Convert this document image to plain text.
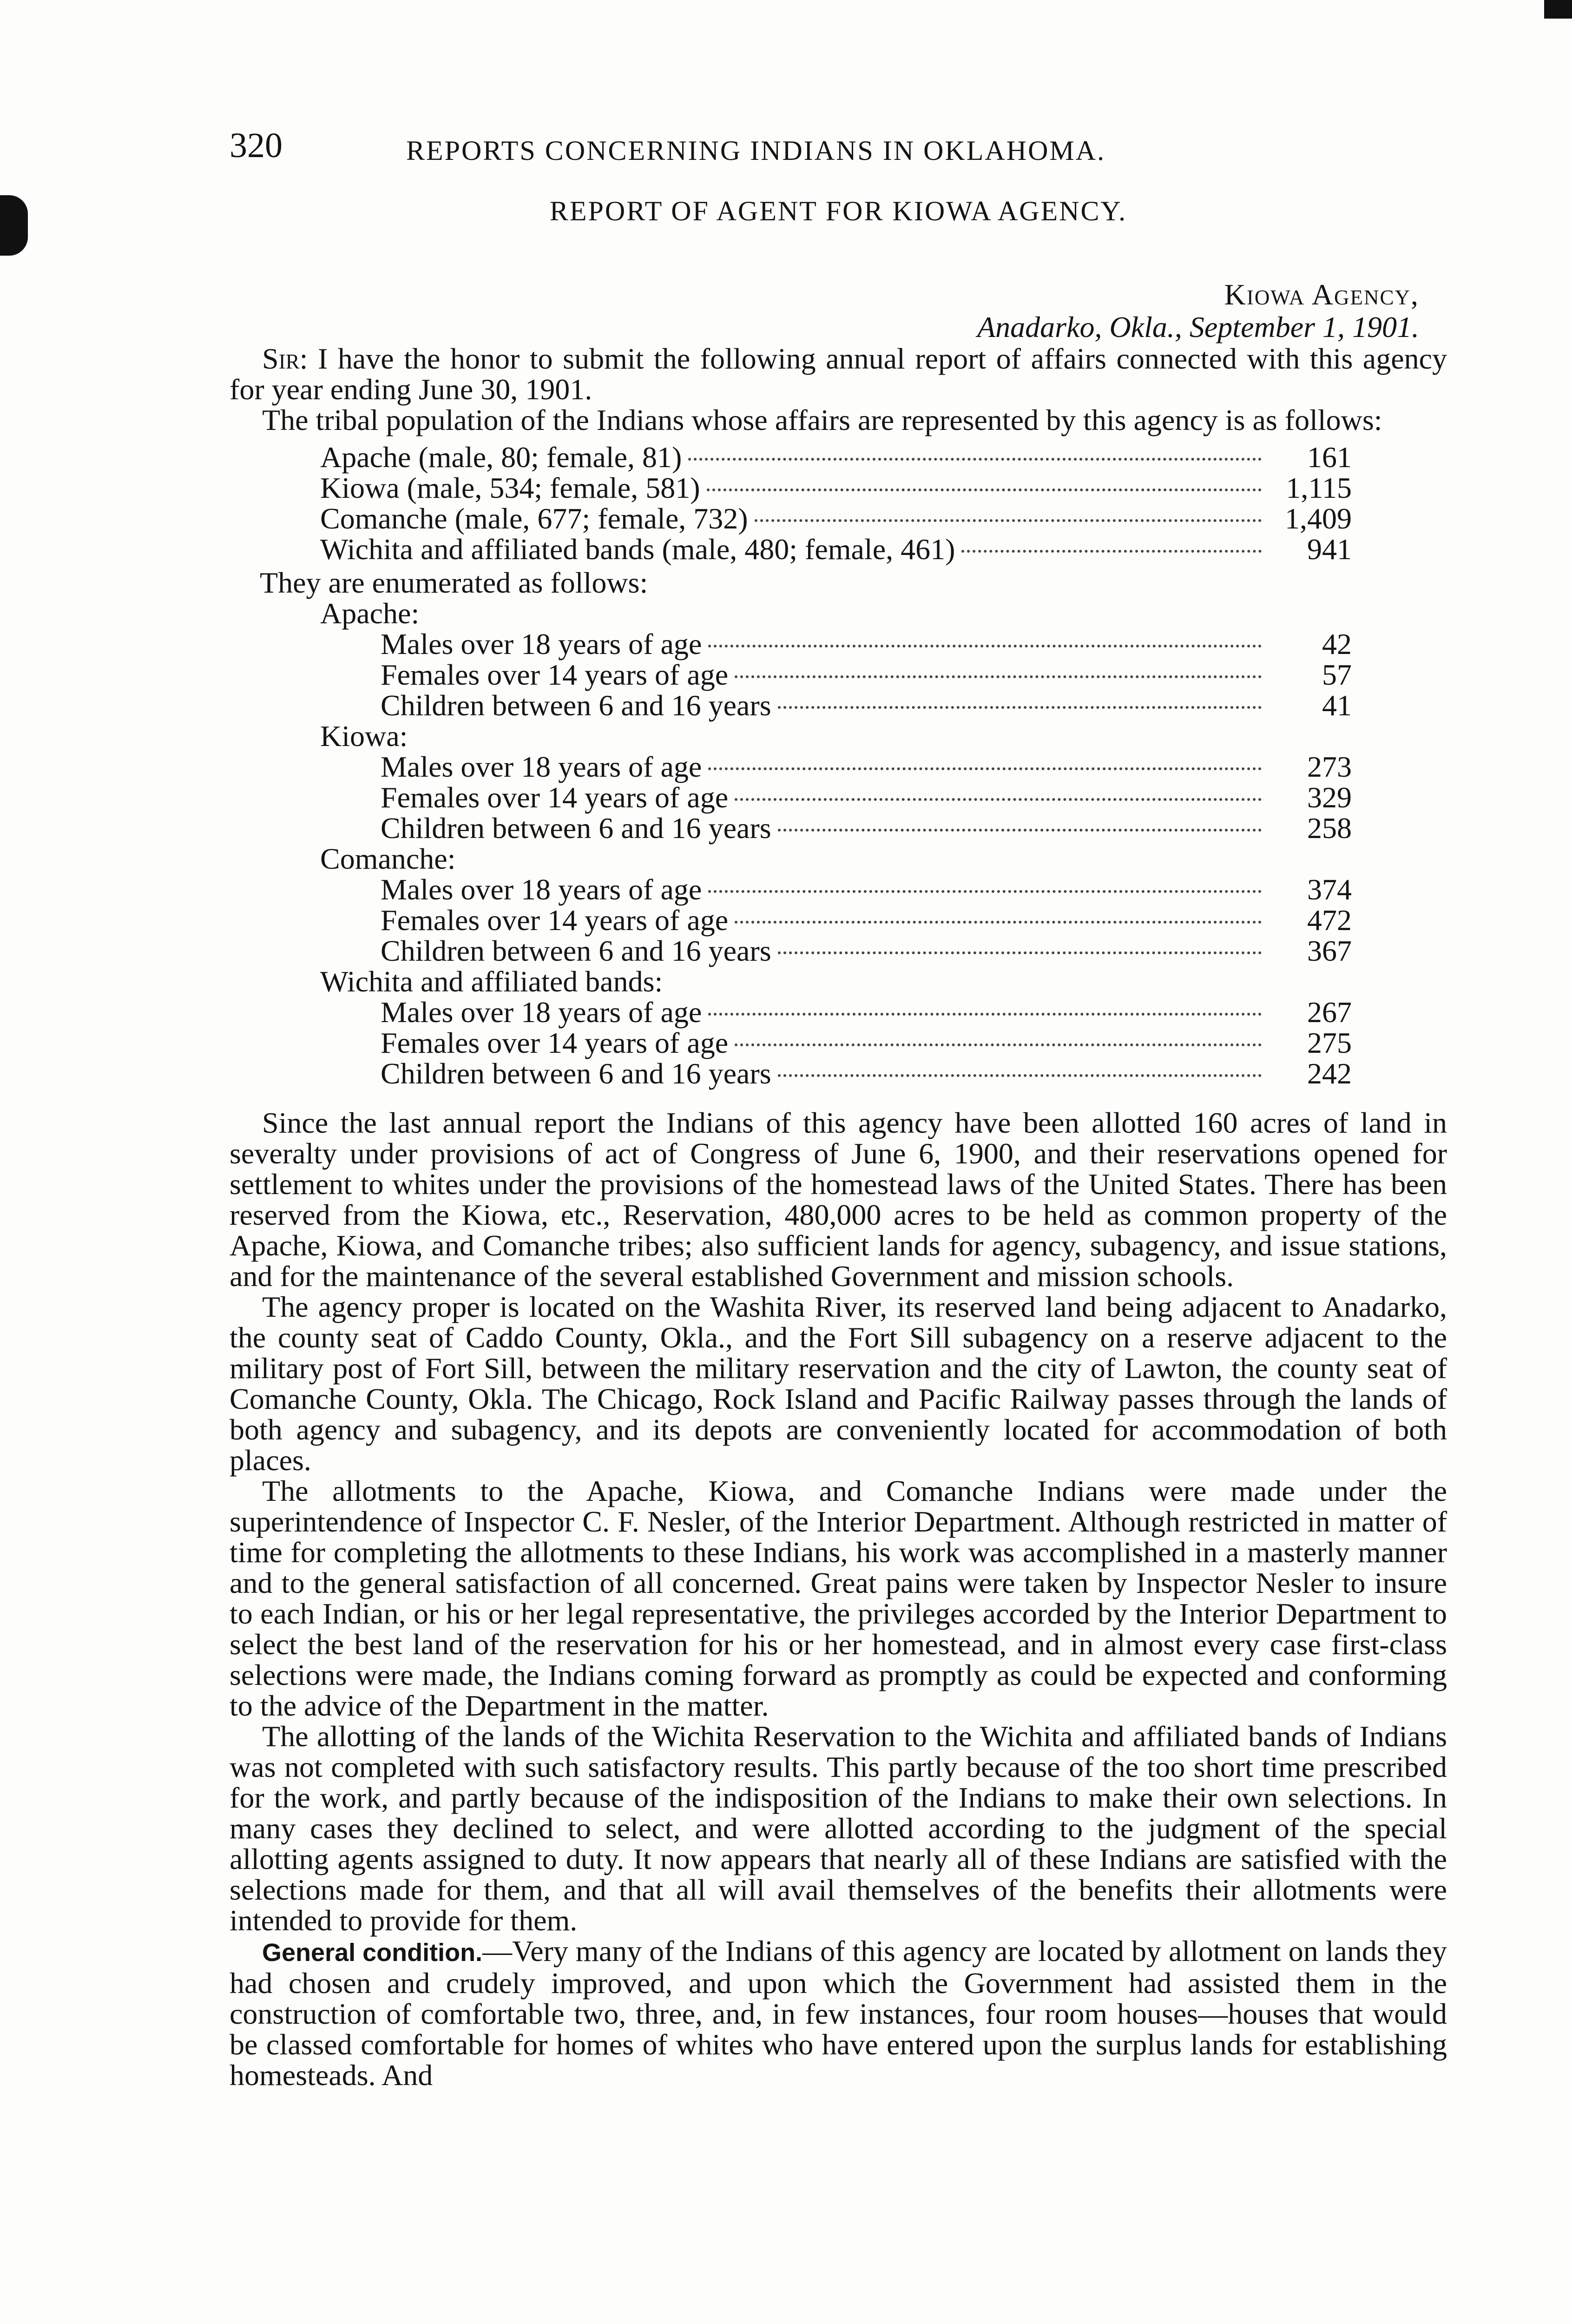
320	REPORTS CONCERNING INDIANS IN OKLAHOMA.
REPORT OF AGENT FOR KIOWA AGENCY.
Kiowa Agency,
Anadarko, Okla., September 1, 1901.

Sir: I have the honor to submit the following annual report of affairs connected with this agency for year ending June 30, 1901.

The tribal population of the Indians whose affairs are represented by this agency is as follows:

Apache (male, 80; female, 81)	161
Kiowa (male, 534; female, 581)	1,115
Comanche (male, 677; female, 732)	1,409
Wichita and affiliated bands (male, 480; female, 461)	941
They are enumerated as follows:
Apache:
Males over 18 years of age	42
Females over 14 years of age	57
Children between 6 and 16 years	41
Kiowa:
Males over 18 years of age	273
Females over 14 years of age	329
Children between 6 and 16 years	258
Comanche:
Males over 18 years of age	374
Females over 14 years of age	472
Children between 6 and 16 years	367
Wichita and affiliated bands:
Males over 18 years of age	267
Females over 14 years of age	275
Children between 6 and 16 years	242

Since the last annual report the Indians of this agency have been allotted 160 acres of land in severalty under provisions of act of Congress of June 6, 1900, and their reservations opened for settlement to whites under the provisions of the homestead laws of the United States. There has been reserved from the Kiowa, etc., Reservation, 480,000 acres to be held as common property of the Apache, Kiowa, and Comanche tribes; also sufficient lands for agency, subagency, and issue stations, and for the maintenance of the several established Government and mission schools.

The agency proper is located on the Washita River, its reserved land being adjacent to Anadarko, the county seat of Caddo County, Okla., and the Fort Sill subagency on a reserve adjacent to the military post of Fort Sill, between the military reservation and the city of Lawton, the county seat of Comanche County, Okla. The Chicago, Rock Island and Pacific Railway passes through the lands of both agency and subagency, and its depots are conveniently located for accommodation of both places.

The allotments to the Apache, Kiowa, and Comanche Indians were made under the superintendence of Inspector C. F. Nesler, of the Interior Department. Although restricted in matter of time for completing the allotments to these Indians, his work was accomplished in a masterly manner and to the general satisfaction of all concerned. Great pains were taken by Inspector Nesler to insure to each Indian, or his or her legal representative, the privileges accorded by the Interior Department to select the best land of the reservation for his or her homestead, and in almost every case first-class selections were made, the Indians coming forward as promptly as could be expected and conforming to the advice of the Department in the matter.

The allotting of the lands of the Wichita Reservation to the Wichita and affiliated bands of Indians was not completed with such satisfactory results. This partly because of the too short time prescribed for the work, and partly because of the indisposition of the Indians to make their own selections. In many cases they declined to select, and were allotted according to the judgment of the special allotting agents assigned to duty. It now appears that nearly all of these Indians are satisfied with the selections made for them, and that all will avail themselves of the benefits their allotments were intended to provide for them.

General condition.—Very many of the Indians of this agency are located by allotment on lands they had chosen and crudely improved, and upon which the Government had assisted them in the construction of comfortable two, three, and, in few instances, four room houses—houses that would be classed comfortable for homes of whites who have entered upon the surplus lands for establishing homesteads. And
